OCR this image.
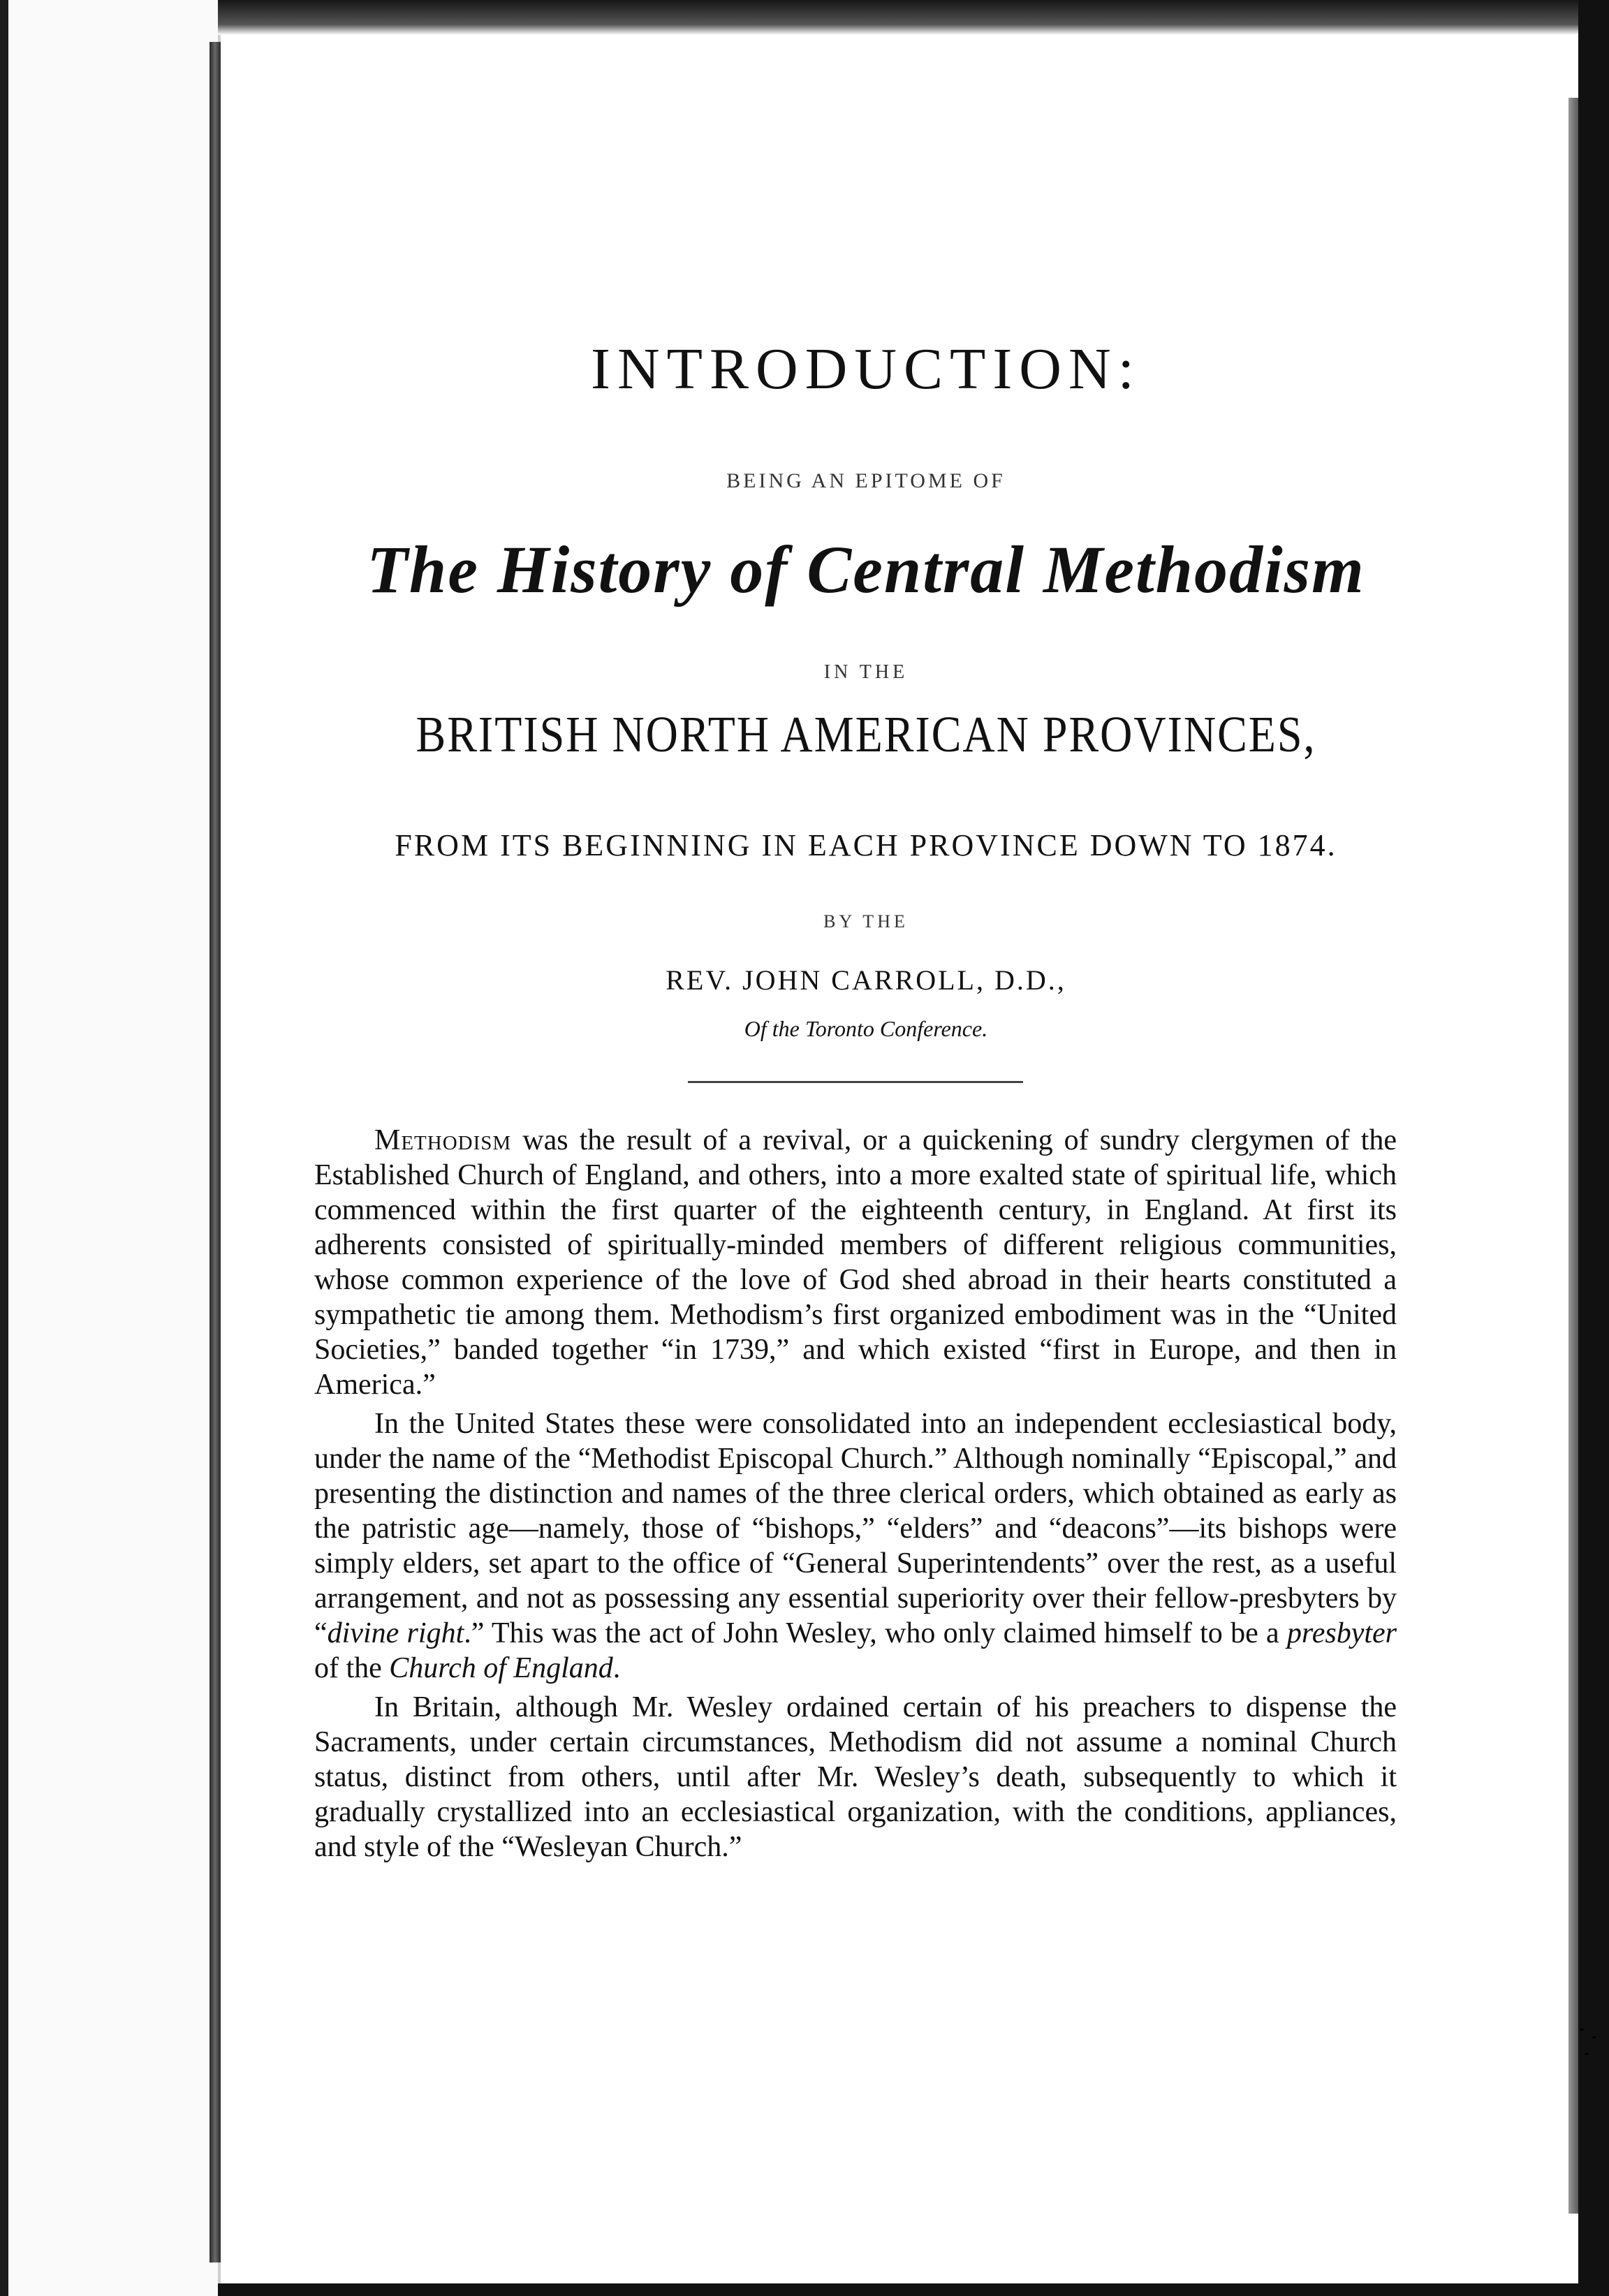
INTRODUCTION:
BEING AN EPITOME OF
The History of Central Methodism
IN THE
BRITISH NORTH AMERICAN PROVINCES,
FROM ITS BEGINNING IN EACH PROVINCE DOWN TO 1874.
BY THE
REV. JOHN CARROLL, D.D.,
Of the Toronto Conference.

Methodism was the result of a revival, or a quickening of sundry clergymen of the Established Church of England, and others, into a more exalted state of spiritual life, which commenced within the first quarter of the eighteenth century, in England. At first its adherents consisted of spiritually-minded members of different religious communities, whose common experience of the love of God shed abroad in their hearts constituted a sympathetic tie among them. Methodism’s first organized embodiment was in the “United Societies,” banded together “in 1739,” and which existed “first in Europe, and then in America.”

In the United States these were consolidated into an independent ecclesiastical body, under the name of the “Methodist Episcopal Church.” Although nominally “Episcopal,” and presenting the distinction and names of the three clerical orders, which obtained as early as the patristic age—namely, those of “bishops,” “elders” and “deacons”—its bishops were simply elders, set apart to the office of “General Superintendents” over the rest, as a useful arrangement, and not as possessing any essential superiority over their fellow-presbyters by “divine right.” This was the act of John Wesley, who only claimed himself to be a presbyter of the Church of England.

In Britain, although Mr. Wesley ordained certain of his preachers to dispense the Sacraments, under certain circumstances, Methodism did not assume a nominal Church status, distinct from others, until after Mr. Wesley’s death, subsequently to which it gradually crystallized into an ecclesiastical organization, with the conditions, appliances, and style of the “Wesleyan Church.”
